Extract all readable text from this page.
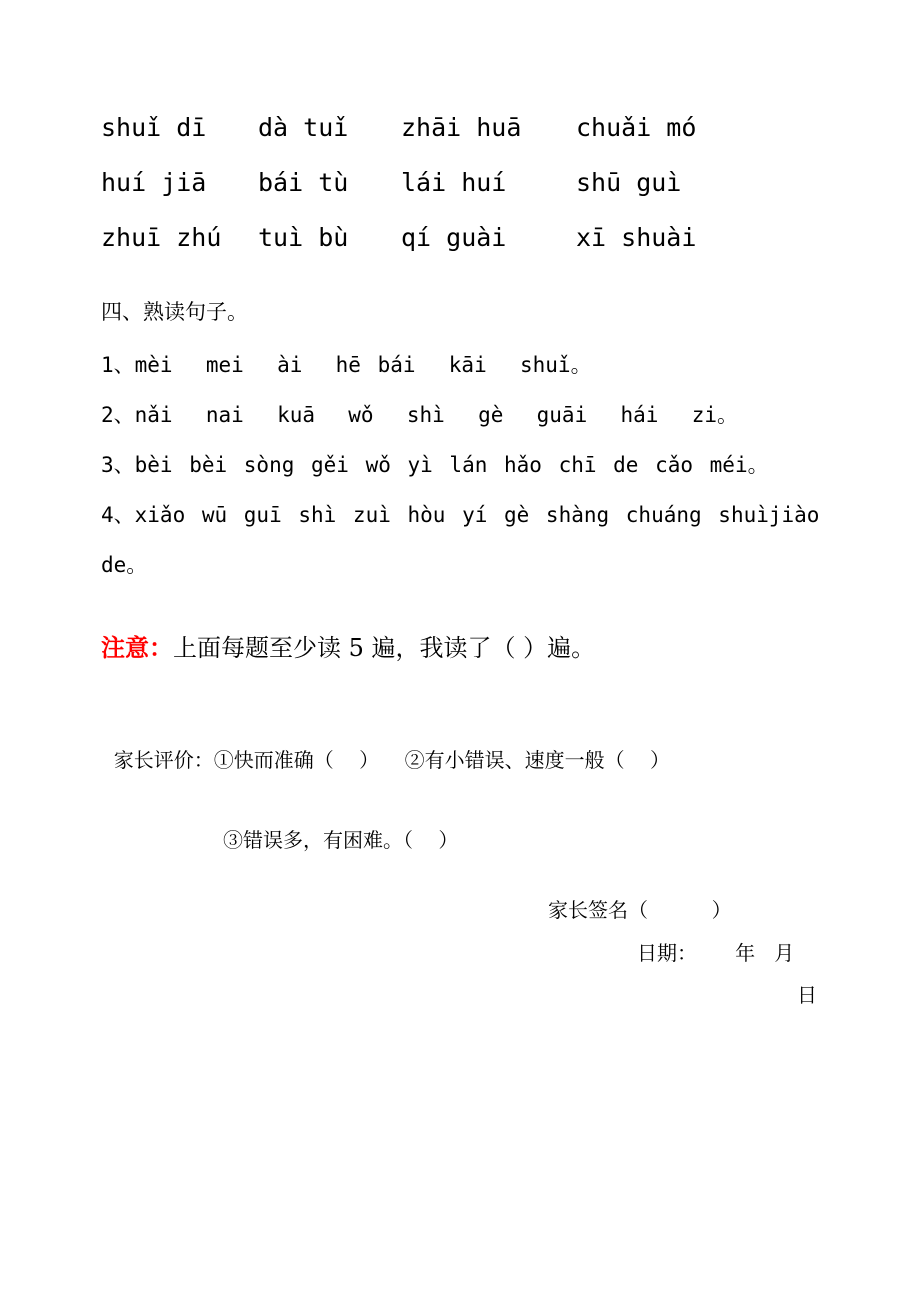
shuǐ dī dà tuǐ zhāi huā chuǎi mó
huí jiā bái tù lái huí	shū guì
zhuī zhú tuì bù qí guài	xī shuài
四、熟读句子。
1、mèi  mei  ài  hē bái  kāi  shuǐ。
2、nǎi  nai  kuā  wǒ  shì  gè  guāi  hái  zi。
3、bèi bèi sòng gěi wǒ yì lán hǎo chī de cǎo méi。
4、xiǎo wū guī shì zuì hòu yí gè shàng chuáng shuìjiào de。
注意：上面每题至少读 5 遍，我读了（ ）遍。

家长评价：①快而准确（    ） ②有小错误、速度一般（    ）

③错误多，有困难。（    ）

家长签名（          ）
日期： 年 月
日
